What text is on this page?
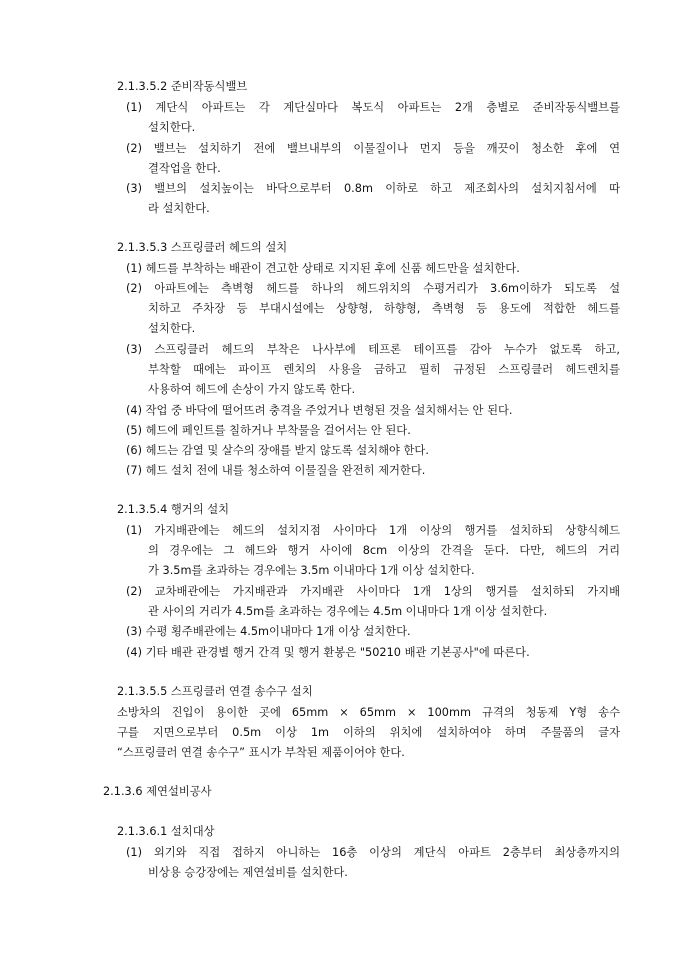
2.1.3.5.2 준비작동식밸브
(1) 계단식 아파트는 각 계단실마다 복도식 아파트는 2개 층별로 준비작동식밸브를
설치한다.
(2) 밸브는 설치하기 전에 밸브내부의 이물질이나 먼지 등을 깨끗이 청소한 후에 연
결작업을 한다.
(3) 밸브의 설치높이는 바닥으로부터 0.8m 이하로 하고 제조회사의 설치지침서에 따
라 설치한다.
2.1.3.5.3 스프링클러 헤드의 설치
(1) 헤드를 부착하는 배관이 견고한 상태로 지지된 후에 신품 헤드만을 설치한다.
(2) 아파트에는 측벽형 헤드를 하나의 헤드위치의 수평거리가 3.6m이하가 되도록 설
치하고 주차장 등 부대시설에는 상향형, 하향형, 측벽형 등 용도에 적합한 헤드를
설치한다.
(3) 스프링클러 헤드의 부착은 나사부에 테프론 테이프를 감아 누수가 없도록 하고,
부착할 때에는 파이프 렌치의 사용을 금하고 필히 규정된 스프링클러 헤드렌치를
사용하여 헤드에 손상이 가지 않도록 한다.
(4) 작업 중 바닥에 떨어뜨려 충격을 주었거나 변형된 것을 설치해서는 안 된다.
(5) 헤드에 페인트를 칠하거나 부착물을 걸어서는 안 된다.
(6) 헤드는 감열 및 살수의 장애를 받지 않도록 설치해야 한다.
(7) 헤드 설치 전에 내를 청소하여 이물질을 완전히 제거한다.
2.1.3.5.4 행거의 설치
(1) 가지배관에는 헤드의 설치지점 사이마다 1개 이상의 행거를 설치하되 상향식헤드
의 경우에는 그 헤드와 행거 사이에 8cm 이상의 간격을 둔다. 다만, 헤드의 거리
가 3.5m를 초과하는 경우에는 3.5m 이내마다 1개 이상 설치한다.
(2) 교차배관에는 가지배관과 가지배관 사이마다 1개 1상의 행거를 설치하되 가지배
관 사이의 거리가 4.5m를 초과하는 경우에는 4.5m 이내마다 1개 이상 설치한다.
(3) 수평 횡주배관에는 4.5m이내마다 1개 이상 설치한다.
(4) 기타 배관 관경별 행거 간격 및 행거 환봉은 "50210 배관 기본공사"에 따른다.
2.1.3.5.5 스프링클러 연결 송수구 설치
소방차의 진입이 용이한 곳에 65mm × 65mm × 100mm 규격의 청동제 Y형 송수
구를 지면으로부터 0.5m 이상 1m 이하의 위치에 설치하여야 하며 주물품의 글자
“스프링클러 연결 송수구” 표시가 부착된 제품이어야 한다.
2.1.3.6 제연설비공사
2.1.3.6.1 설치대상
(1) 외기와 직접 접하지 아니하는 16층 이상의 계단식 아파트 2층부터 최상층까지의
비상용 승강장에는 제연설비를 설치한다.
